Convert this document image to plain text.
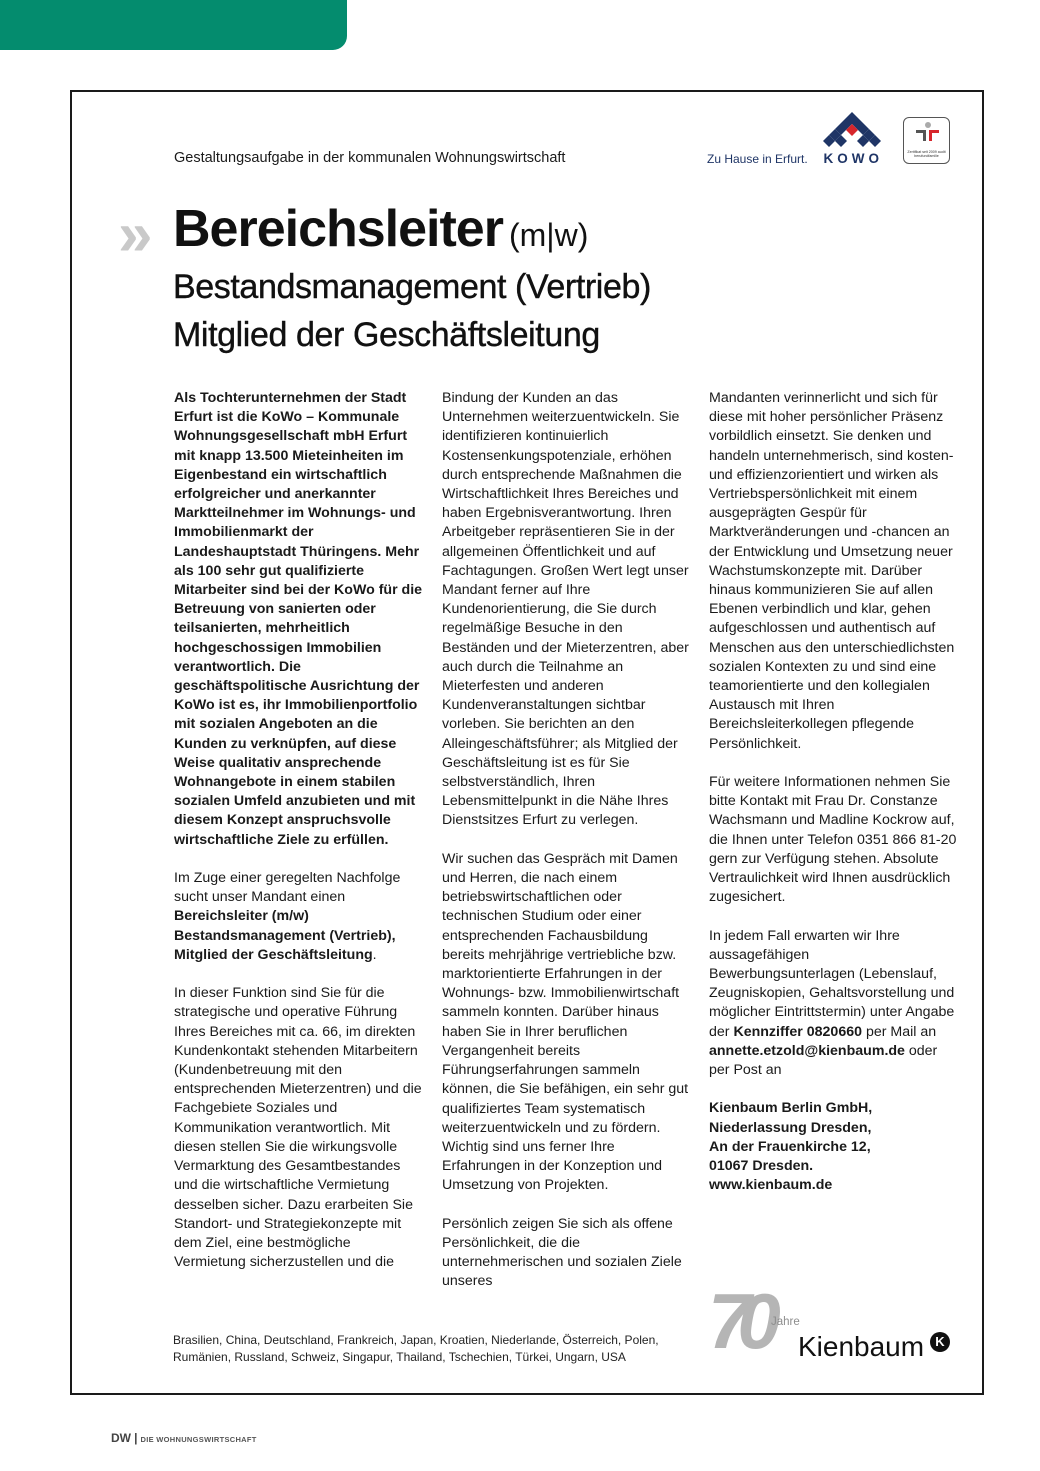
Gestaltungsaufgabe in der kommunalen Wohnungswirtschaft	Zu Hause in Erfurt. KOWO	Zertifikat seit 2009 audit berufundfamilie
» Bereichsleiter (m|w)
Bestandsmanagement (Vertrieb)
Mitglied der Geschäftsleitung

Als Tochterunternehmen der Stadt Erfurt ist die KoWo – Kommunale Wohnungsgesellschaft mbH Erfurt mit knapp 13.500 Mieteinheiten im Eigenbestand ein wirtschaftlich erfolgreicher und anerkannter Marktteilnehmer im Wohnungs- und Immobilienmarkt der Landeshauptstadt Thüringens. Mehr als 100 sehr gut qualifizierte Mitarbeiter sind bei der KoWo für die Betreuung von sanierten oder teilsanierten, mehrheitlich hochgeschossigen Immobilien verantwortlich. Die geschäftspolitische Ausrichtung der KoWo ist es, ihr Immobilienportfolio mit sozialen Angeboten an die Kunden zu verknüpfen, auf diese Weise qualitativ ansprechende Wohnangebote in einem stabilen sozialen Umfeld anzubieten und mit diesem Konzept anspruchsvolle wirtschaftliche Ziele zu erfüllen.

Im Zuge einer geregelten Nachfolge sucht unser Mandant einen Bereichsleiter (m/w) Bestandsmanagement (Vertrieb), Mitglied der Geschäftsleitung.

In dieser Funktion sind Sie für die strategische und operative Führung Ihres Bereiches mit ca. 66, im direkten Kundenkontakt stehenden Mitarbeitern (Kundenbetreuung mit den entsprechenden Mieterzentren) und die Fachgebiete Soziales und Kommunikation verantwortlich. Mit diesen stellen Sie die wirkungsvolle Vermarktung des Gesamtbestandes und die wirtschaftliche Vermietung desselben sicher. Dazu erarbeiten Sie Standort- und Strategiekonzepte mit dem Ziel, eine bestmögliche Vermietung sicherzustellen und die

Bindung der Kunden an das Unternehmen weiterzuentwickeln. Sie identifizieren kontinuierlich Kostensenkungspotenziale, erhöhen durch entsprechende Maßnahmen die Wirtschaftlichkeit Ihres Bereiches und haben Ergebnisverantwortung. Ihren Arbeitgeber repräsentieren Sie in der allgemeinen Öffentlichkeit und auf Fachtagungen. Großen Wert legt unser Mandant ferner auf Ihre Kundenorientierung, die Sie durch regelmäßige Besuche in den Beständen und der Mieterzentren, aber auch durch die Teilnahme an Mieterfesten und anderen Kundenveranstaltungen sichtbar vorleben. Sie berichten an den Alleingeschäftsführer; als Mitglied der Geschäftsleitung ist es für Sie selbstverständlich, Ihren Lebensmittelpunkt in die Nähe Ihres Dienstsitzes Erfurt zu verlegen.

Wir suchen das Gespräch mit Damen und Herren, die nach einem betriebswirtschaftlichen oder technischen Studium oder einer entsprechenden Fachausbildung bereits mehrjährige vertriebliche bzw. marktorientierte Erfahrungen in der Wohnungs- bzw. Immobilienwirtschaft sammeln konnten. Darüber hinaus haben Sie in Ihrer beruflichen Vergangenheit bereits Führungserfahrungen sammeln können, die Sie befähigen, ein sehr gut qualifiziertes Team systematisch weiterzuentwickeln und zu fördern. Wichtig sind uns ferner Ihre Erfahrungen in der Konzeption und Umsetzung von Projekten.

Persönlich zeigen Sie sich als offene Persönlichkeit, die die unternehmerischen und sozialen Ziele unseres

Mandanten verinnerlicht und sich für diese mit hoher persönlicher Präsenz vorbildlich einsetzt. Sie denken und handeln unternehmerisch, sind kosten- und effizienzorientiert und wirken als Vertriebspersönlichkeit mit einem ausgeprägten Gespür für Marktveränderungen und -chancen an der Entwicklung und Umsetzung neuer Wachstumskonzepte mit. Darüber hinaus kommunizieren Sie auf allen Ebenen verbindlich und klar, gehen aufgeschlossen und authentisch auf Menschen aus den unterschiedlichsten sozialen Kontexten zu und sind eine teamorientierte und den kollegialen Austausch mit Ihren Bereichsleiterkollegen pflegende Persönlichkeit.

Für weitere Informationen nehmen Sie bitte Kontakt mit Frau Dr. Constanze Wachsmann und Madline Kockrow auf, die Ihnen unter Telefon 0351 866 81-20 gern zur Verfügung stehen. Absolute Vertraulichkeit wird Ihnen ausdrücklich zugesichert.

In jedem Fall erwarten wir Ihre aussagefähigen Bewerbungsunterlagen (Lebenslauf, Zeugniskopien, Gehaltsvorstellung und möglicher Eintrittstermin) unter Angabe der Kennziffer 0820660 per Mail an annette.etzold@kienbaum.de oder per Post an

Kienbaum Berlin GmbH,
Niederlassung Dresden,
An der Frauenkirche 12,
01067 Dresden.
www.kienbaum.de

Brasilien, China, Deutschland, Frankreich, Japan, Kroatien, Niederlande, Österreich, Polen,
Rumänien, Russland, Schweiz, Singapur, Thailand, Tschechien, Türkei, Ungarn, USA	70 Jahre
Kienbaum K
DW | DIE WOHNUNGSWIRTSCHAFT
